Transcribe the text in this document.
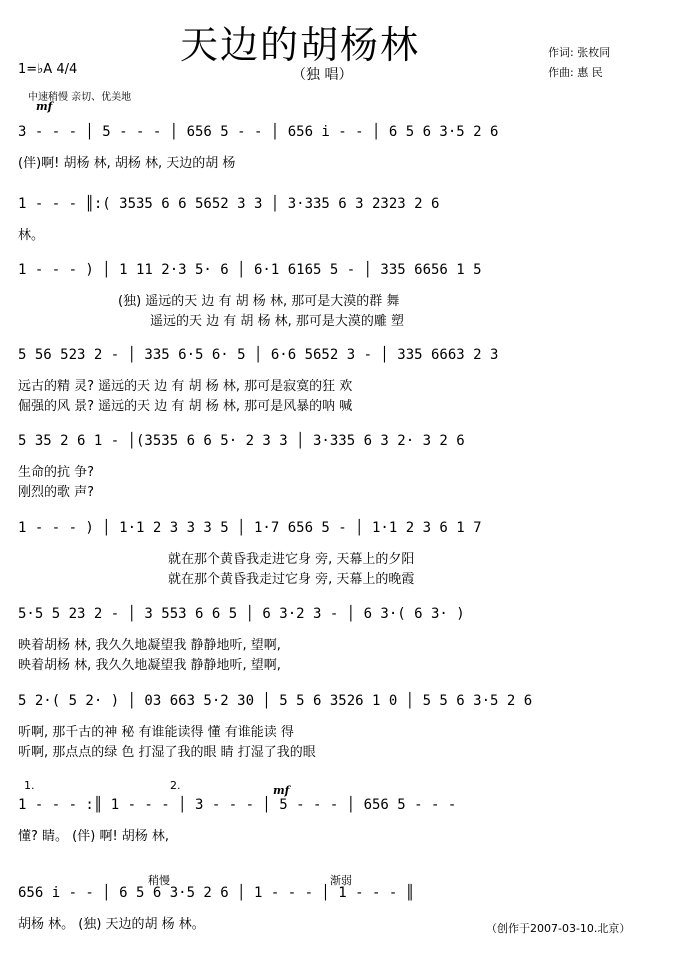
天边的胡杨林
（独 唱）
作词: 张枚同
作曲: 惠 民
1=♭A 4/4
中速稍慢 亲切、优美地
mf
3 - - - │ 5 - - - │ 656 5 - - │ 656 i - - │ 6 5 6 3·5 2 6
(伴)啊! 胡杨 林, 胡杨 林, 天边的胡 杨
1 - - - ║:( 3535 6 6 5652 3 3 │ 3·335 6 3 2323 2 6
林。
1 - - - ) │ 1 11 2·3 5· 6 │ 6·1 6165 5 - │ 335 6656 1 5
(独) 遥远的天 边 有 胡 杨 林, 那可是大漠的群 舞
遥远的天 边 有 胡 杨 林, 那可是大漠的雕 塑
5 56 523 2 - │ 335 6·5 6· 5 │ 6·6 5652 3 - │ 335 6663 2 3
远古的精 灵? 遥远的天 边 有 胡 杨 林, 那可是寂寞的狂 欢
倔强的风 景? 遥远的天 边 有 胡 杨 林, 那可是风暴的呐 喊
5 35 2 6 1 - │(3535 6 6 5· 2 3 3 │ 3·335 6 3 2· 3 2 6
生命的抗 争?
刚烈的歌 声?
1 - - - ) │ 1·1 2 3 3 3 5 │ 1·7 656 5 - │ 1·1 2 3 6 1 7
就在那个黄昏我走进它身 旁, 天幕上的夕阳
就在那个黄昏我走过它身 旁, 天幕上的晚霞
5·5 5 23 2 - │ 3 553 6 6 5 │ 6 3·2 3 - │ 6 3·( 6 3· )
映着胡杨 林, 我久久地凝望我 静静地听, 望啊,
映着胡杨 林, 我久久地凝望我 静静地听, 望啊,
5 2·( 5 2· ) │ 03 663 5·2 30 │ 5 5 6 3526 1 0 │ 5 5 6 3·5 2 6
听啊, 那千古的神 秘 有谁能读得 懂 有谁能读 得
听啊, 那点点的绿 色 打湿了我的眼 睛 打湿了我的眼
1 - - - :║ 1 - - - │ 3 - - - │ 5 - - - │ 656 5 - - -
懂? 睛。 (伴) 啊! 胡杨 林,
1.	2.
656 i - - │ 6 5 6 3·5 2 6 │ 1 - - - │ 1 - - - ║
胡杨 林。 (独) 天边的胡 杨 林。
mf
稍慢	渐弱
（创作于2007-03-10.北京）
